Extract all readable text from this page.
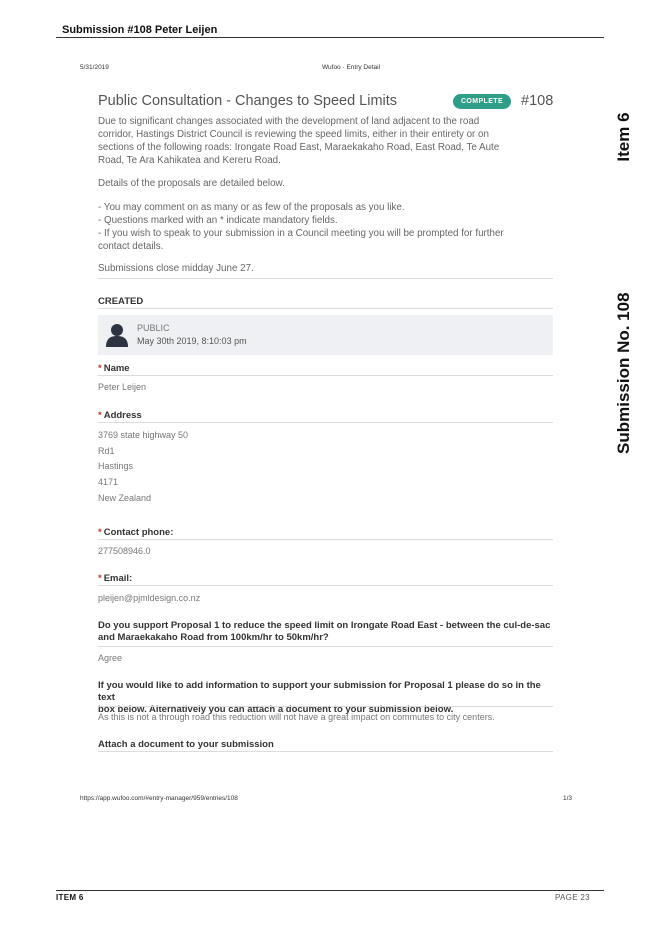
Submission #108 Peter Leijen
5/31/2019	Wufoo · Entry Detail
Public Consultation - Changes to Speed Limits	COMPLETE	#108

Due to significant changes associated with the development of land adjacent to the road
corridor, Hastings District Council is reviewing the speed limits, either in their entirety or on
sections of the following roads: Irongate Road East, Maraekakaho Road, East Road, Te Aute
Road, Te Ara Kahikatea and Kereru Road.

Details of the proposals are detailed below.

- You may comment on as many or as few of the proposals as you like.
- Questions marked with an * indicate mandatory fields.
- If you wish to speak to your submission in a Council meeting you will be prompted for further
contact details.

Submissions close midday June 27.

CREATED
PUBLIC
May 30th 2019, 8:10:03 pm
* Name
Peter Leijen
* Address
3769 state highway 50
Rd1
Hastings
4171
New Zealand
* Contact phone:
277508946.0
* Email:
pleijen@pjmldesign.co.nz

Do you support Proposal 1 to reduce the speed limit on Irongate Road East - between the cul-de-sac
and Maraekakaho Road from 100km/hr to 50km/hr?

Agree

If you would like to add information to support your submission for Proposal 1 please do so in the text
box below. Alternatively you can attach a document to your submission below.

As this is not a through road this reduction will not have a great impact on commutes to city centers.
Attach a document to your submission
https://app.wufoo.com/#entry-manager/959/entries/108	1/3
Item 6
Submission No. 108
ITEM 6	PAGE 23
